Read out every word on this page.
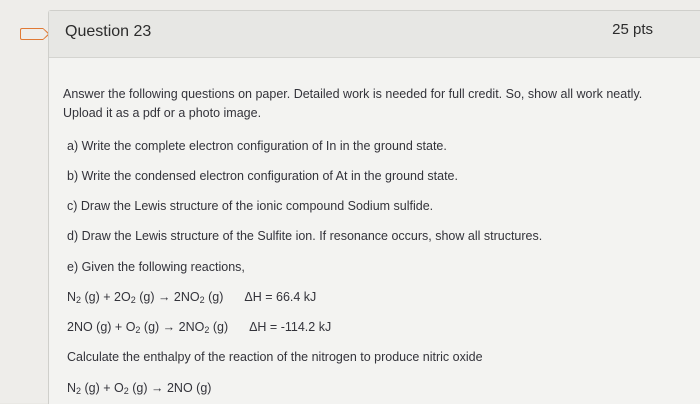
Question 23	25 pts

Answer the following questions on paper. Detailed work is needed for full credit. So, show all work neatly. Upload it as a pdf or a photo image.

a) Write the complete electron configuration of In in the ground state.
b) Write the condensed electron configuration of At in the ground state.
c) Draw the Lewis structure of the ionic compound Sodium sulfide.
d) Draw the Lewis structure of the Sulfite ion. If resonance occurs, show all structures.
e) Given the following reactions,
$N_2$ $(g) + 2O_2$ $(g) \to 2NO_2$ (g) ΔH = 66.4 kJ
2NO $(g) + O_2$ $(g) \to 2NO_2$ (g) ΔH = -114.2 kJ
Calculate the enthalpy of the reaction of the nitrogen to produce nitric oxide
$N_2$ $(g) + O_2$ (g) → 2NO (g)
